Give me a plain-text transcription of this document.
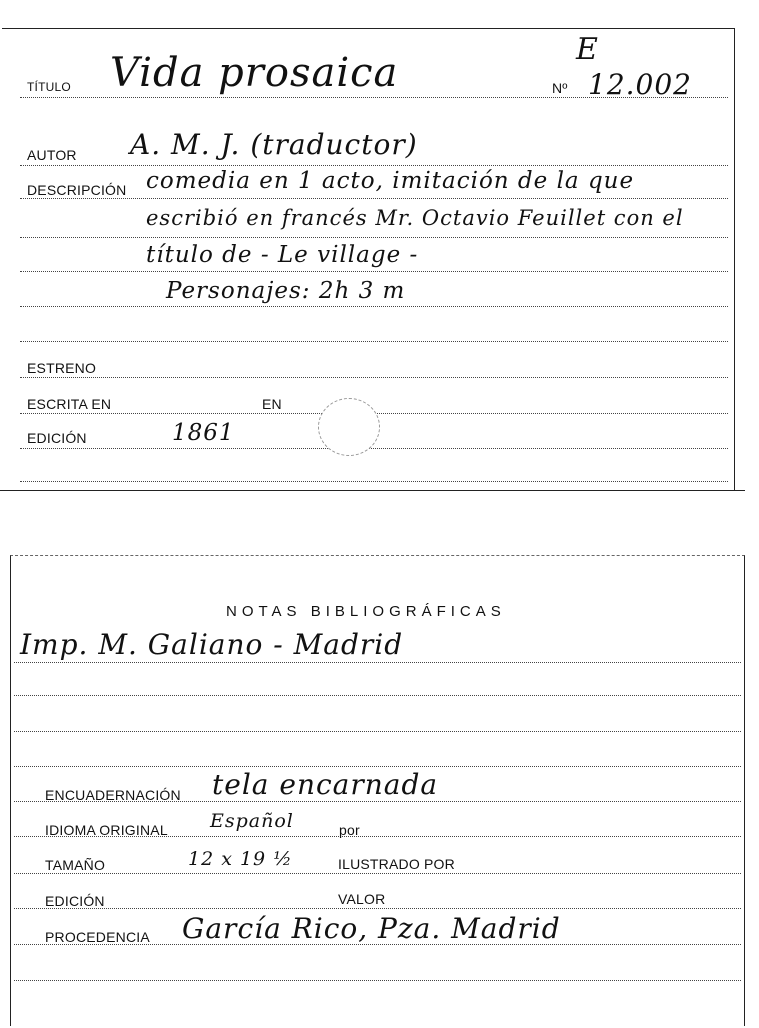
E
TÍTULO Vida prosaica	Nº 12.002
AUTOR A. M. J. (traductor)
DESCRIPCIÓN comedia en 1 acto, imitación de la que
escribió en francés Mr. Octavio Feuillet con el
título de - Le village -
Personajes: 2h 3 m
ESTRENO
ESCRITA EN	EN
EDICIÓN	1861
NOTAS BIBLIOGRÁFICAS
Imp. M. Galiano - Madrid
ENCUADERNACIÓN tela encarnada
IDIOMA ORIGINAL Español	por
TAMAÑO	12 x 19 ½	ILUSTRADO POR
EDICIÓN	VALOR
PROCEDENCIA García Rico, Pza. Madrid
